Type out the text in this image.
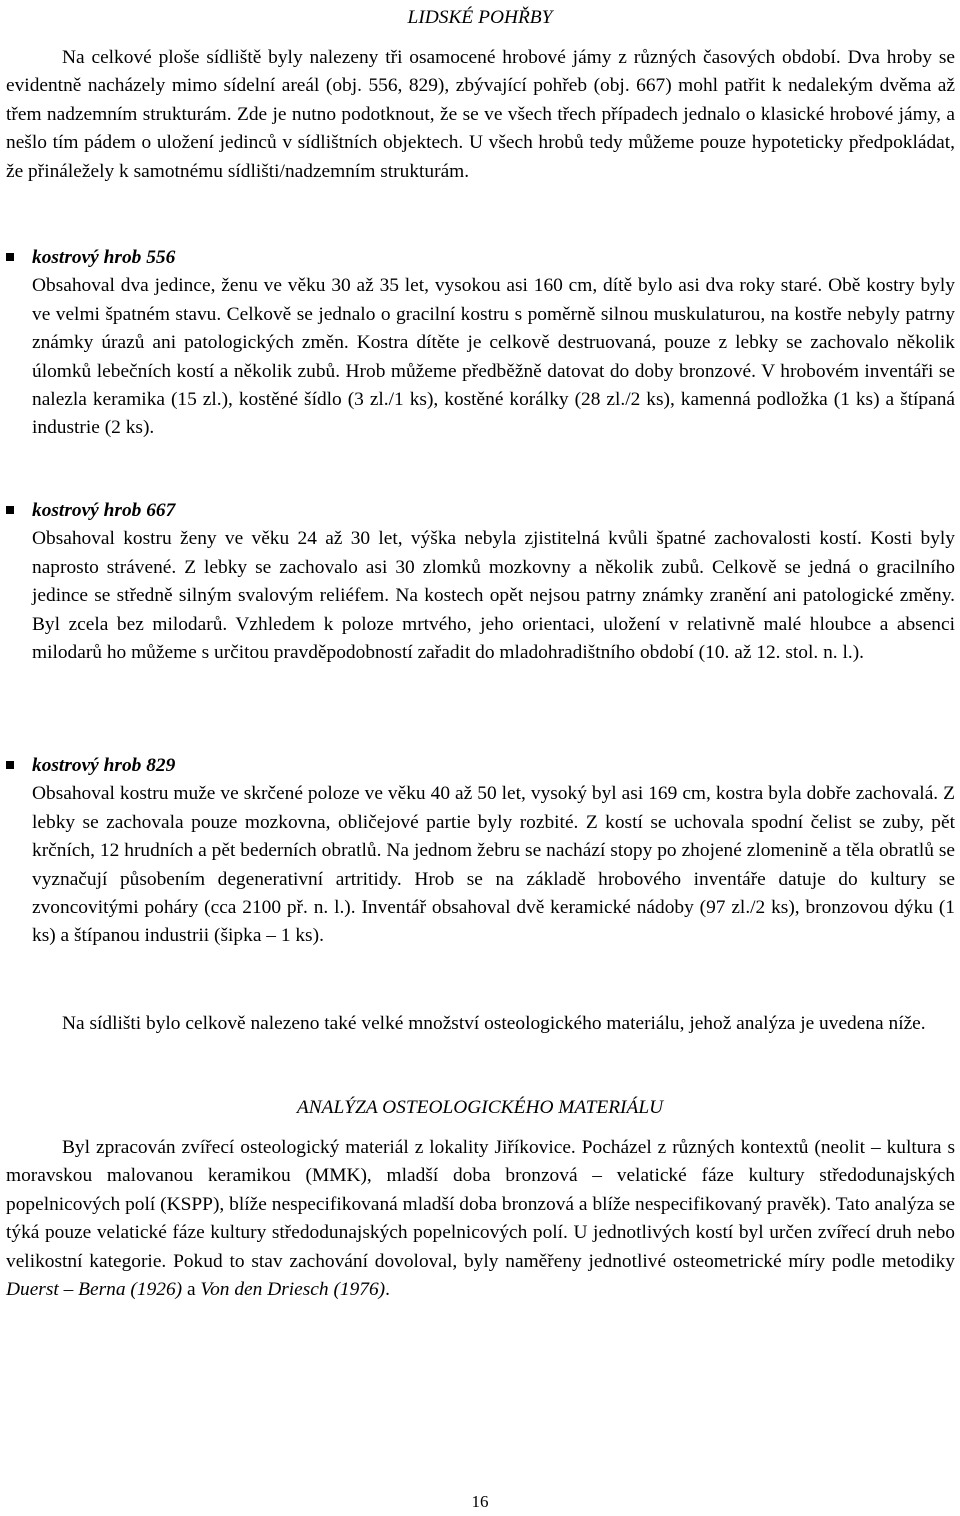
LIDSKÉ POHŘBY

Na celkové ploše sídliště byly nalezeny tři osamocené hrobové jámy z různých časových období. Dva hroby se evidentně nacházely mimo sídelní areál (obj. 556, 829), zbývající pohřeb (obj. 667) mohl patřit k nedalekým dvěma až třem nadzemním strukturám. Zde je nutno podotknout, že se ve všech třech případech jednalo o klasické hrobové jámy, a nešlo tím pádem o uložení jedinců v sídlištních objektech. U všech hrobů tedy můžeme pouze hypoteticky předpokládat, že přináležely k samotnému sídlišti/nadzemním strukturám.

kostrový hrob 556

Obsahoval dva jedince, ženu ve věku 30 až 35 let, vysokou asi 160 cm, dítě bylo asi dva roky staré. Obě kostry byly ve velmi špatném stavu. Celkově se jednalo o gracilní kostru s poměrně silnou muskulaturou, na kostře nebyly patrny známky úrazů ani patologických změn. Kostra dítěte je celkově destruovaná, pouze z lebky se zachovalo několik úlomků lebečních kostí a několik zubů. Hrob můžeme předběžně datovat do doby bronzové. V hrobovém inventáři se nalezla keramika (15 zl.), kostěné šídlo (3 zl./1 ks), kostěné korálky (28 zl./2 ks), kamenná podložka (1 ks) a štípaná industrie (2 ks).

kostrový hrob 667

Obsahoval kostru ženy ve věku 24 až 30 let, výška nebyla zjistitelná kvůli špatné zachovalosti kostí. Kosti byly naprosto strávené. Z lebky se zachovalo asi 30 zlomků mozkovny a několik zubů. Celkově se jedná o gracilního jedince se středně silným svalovým reliéfem. Na kostech opět nejsou patrny známky zranění ani patologické změny. Byl zcela bez milodarů. Vzhledem k poloze mrtvého, jeho orientaci, uložení v relativně malé hloubce a absenci milodarů ho můžeme s určitou pravděpodobností zařadit do mladohradištního období (10. až 12. stol. n. l.).

kostrový hrob 829

Obsahoval kostru muže ve skrčené poloze ve věku 40 až 50 let, vysoký byl asi 169 cm, kostra byla dobře zachovalá. Z lebky se zachovala pouze mozkovna, obličejové partie byly rozbité. Z kostí se uchovala spodní čelist se zuby, pět krčních, 12 hrudních a pět bederních obratlů. Na jednom žebru se nachází stopy po zhojené zlomenině a těla obratlů se vyznačují působením degenerativní artritidy. Hrob se na základě hrobového inventáře datuje do kultury se zvoncovitými poháry (cca 2100 př. n. l.). Inventář obsahoval dvě keramické nádoby (97 zl./2 ks), bronzovou dýku (1 ks) a štípanou industrii (šipka – 1 ks).

Na sídlišti bylo celkově nalezeno také velké množství osteologického materiálu, jehož analýza je uvedena níže.

ANALÝZA OSTEOLOGICKÉHO MATERIÁLU

Byl zpracován zvířecí osteologický materiál z lokality Jiříkovice. Pocházel z různých kontextů (neolit – kultura s moravskou malovanou keramikou (MMK), mladší doba bronzová – velatické fáze kultury středodunajských popelnicových polí (KSPP), blíže nespecifikovaná mladší doba bronzová a blíže nespecifikovaný pravěk). Tato analýza se týká pouze velatické fáze kultury středodunajských popelnicových polí. U jednotlivých kostí byl určen zvířecí druh nebo velikostní kategorie. Pokud to stav zachování dovoloval, byly naměřeny jednotlivé osteometrické míry podle metodiky Duerst – Berna (1926) a Von den Driesch (1976).

16
